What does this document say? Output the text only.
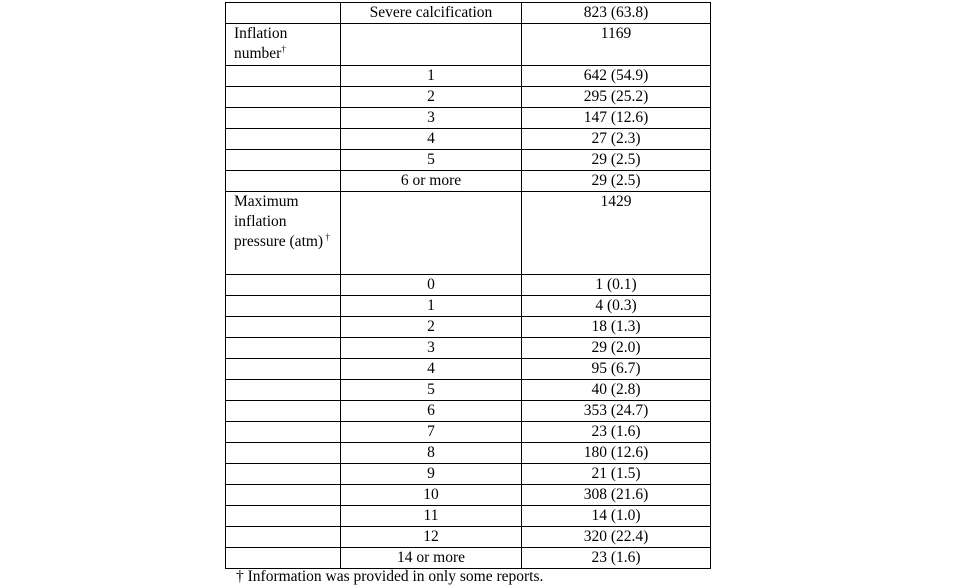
	Severe calcification	823 (63.8)
Inflation number†		1169
	1	642 (54.9)
	2	295 (25.2)
	3	147 (12.6)
	4	27 (2.3)
	5	29 (2.5)
	6 or more	29 (2.5)
Maximum inflation pressure (atm) †		1429
	0	1 (0.1)
	1	4 (0.3)
	2	18 (1.3)
	3	29 (2.0)
	4	95 (6.7)
	5	40 (2.8)
	6	353 (24.7)
	7	23 (1.6)
	8	180 (12.6)
	9	21 (1.5)
	10	308 (21.6)
	11	14 (1.0)
	12	320 (22.4)
	14 or more	23 (1.6)
† Information was provided in only some reports.
